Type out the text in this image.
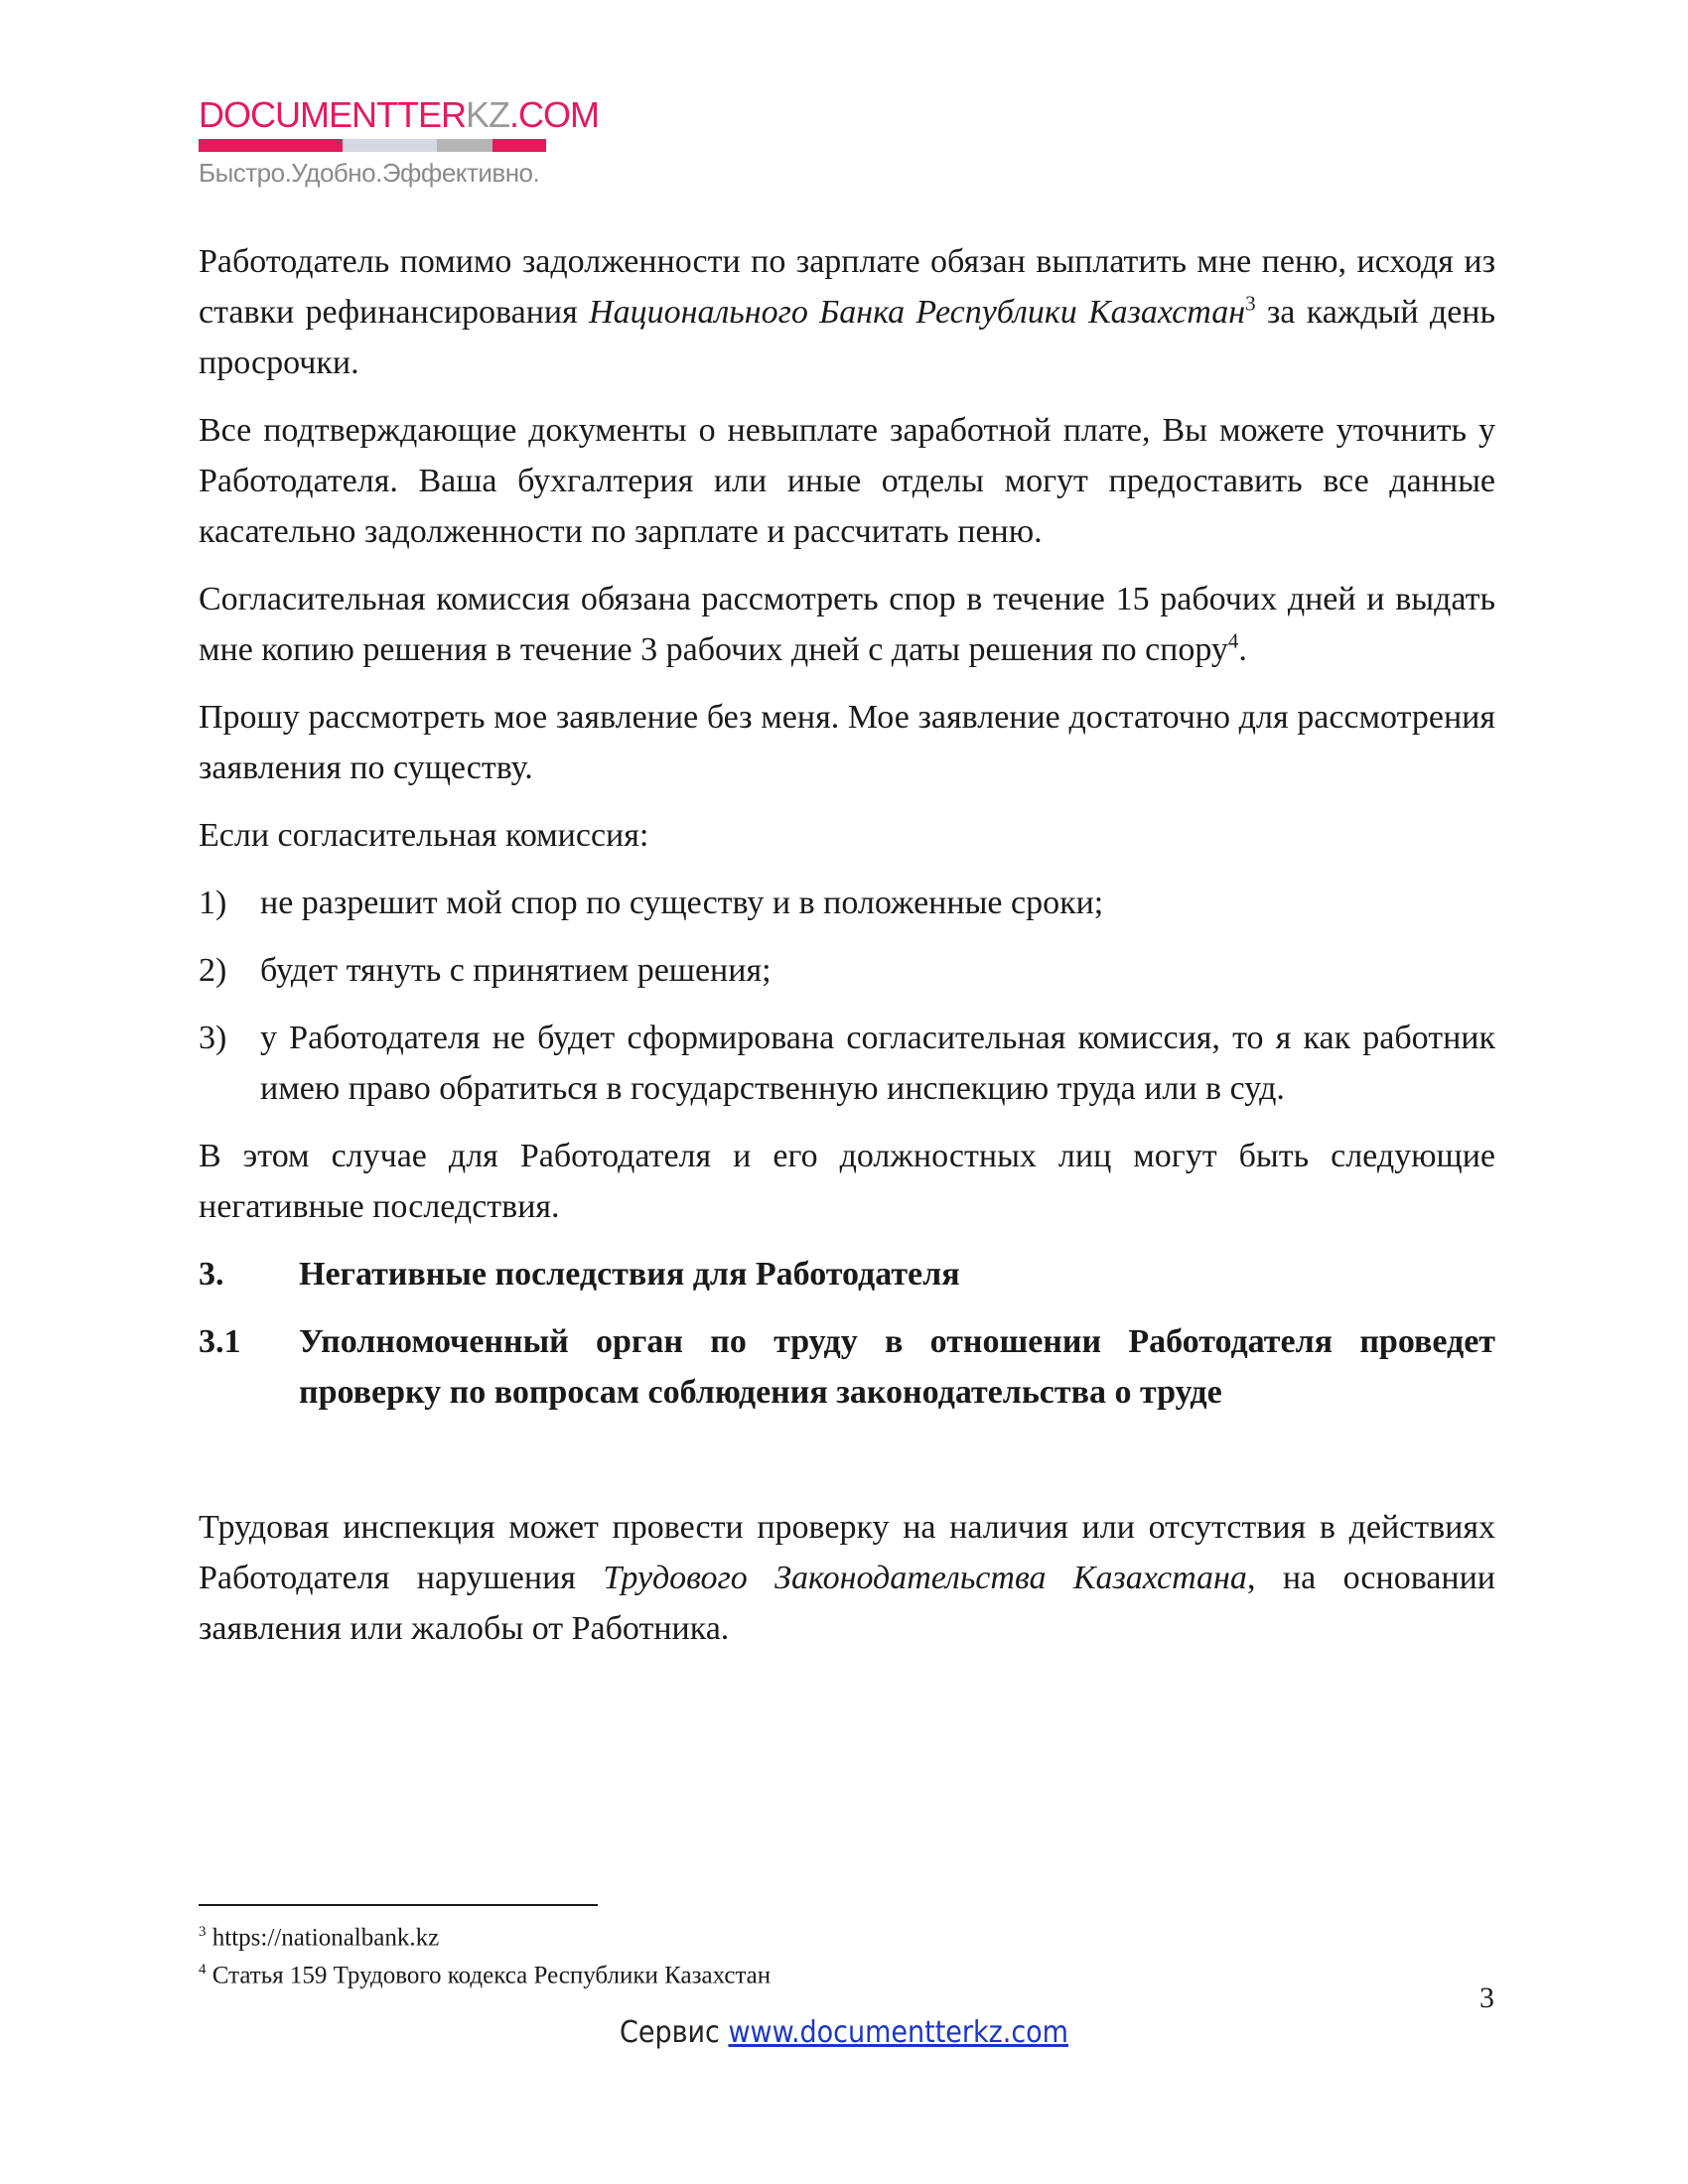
DOCUMENTTERKZ.COM
Быстро.Удобно.Эффективно.

Работодатель помимо задолженности по зарплате обязан выплатить мне пеню, исходя из ставки рефинансирования Национального Банка Республики Казахстан$^3$ за каждый день просрочки.

Все подтверждающие документы о невыплате заработной плате, Вы можете уточнить у Работодателя. Ваша бухгалтерия или иные отделы могут предоставить все данные касательно задолженности по зарплате и рассчитать пеню.

Согласительная комиссия обязана рассмотреть спор в течение 15 рабочих дней и выдать мне копию решения в течение 3 рабочих дней с даты решения по спору$^4$.

Прошу рассмотреть мое заявление без меня. Мое заявление достаточно для рассмотрения заявления по существу.

Если согласительная комиссия:

1) не разрешит мой спор по существу и в положенные сроки;
2) будет тянуть с принятием решения;
3) у Работодателя не будет сформирована согласительная комиссия, то я как работник имею право обратиться в государственную инспекцию труда или в суд.

В этом случае для Работодателя и его должностных лиц могут быть следующие негативные последствия.

3.	Негативные последствия для Работодателя
3.1	Уполномоченный орган по труду в отношении Работодателя проведет проверку по вопросам соблюдения законодательства о труде

Трудовая инспекция может провести проверку на наличия или отсутствия в действиях Работодателя нарушения Трудового Законодательства Казахстана, на основании заявления или жалобы от Работника.

$^3$ https://nationalbank.kz
$^4$ Статья 159 Трудового кодекса Республики Казахстан
3
Сервис www.documentterkz.com
